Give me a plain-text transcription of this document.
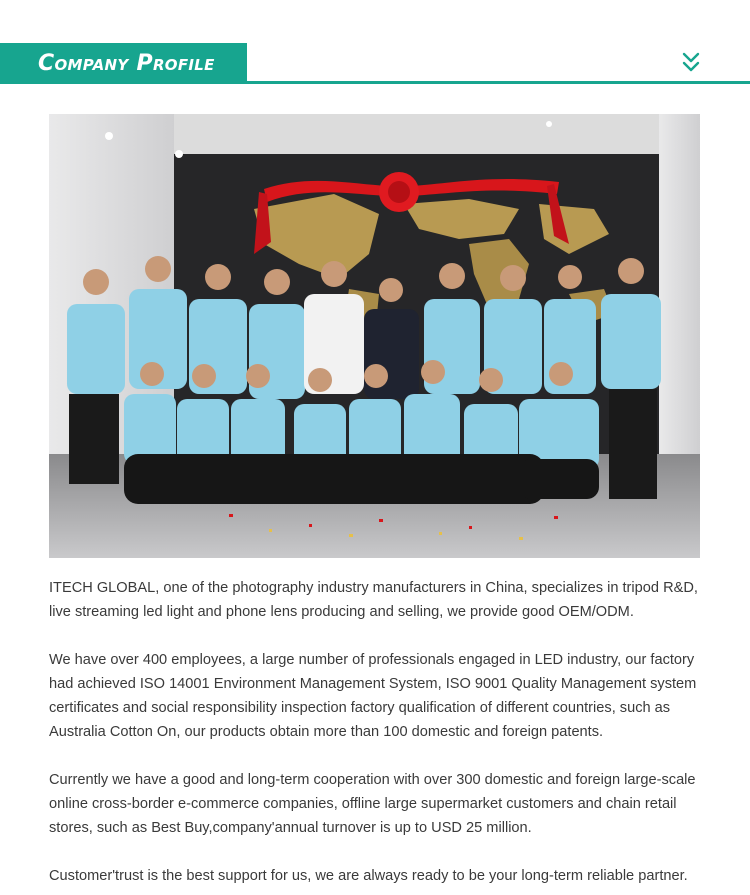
Company Profile

ITECH GLOBAL, one of the photography industry manufacturers in China, specializes in tripod R&D, live streaming led light and phone lens producing and selling, we provide good OEM/ODM.

We have over 400 employees, a large number of professionals engaged in LED industry, our factory had achieved ISO 14001 Environment Management System, ISO 9001 Quality Management system certificates and social responsibility inspection factory qualification of different countries, such as Australia Cotton On, our products obtain more than 100 domestic and foreign patents.

Currently we have a good and long-term cooperation with over 300 domestic and foreign large-scale online cross-border e-commerce companies, offline large supermarket customers and chain retail stores, such as Best Buy,company'annual turnover is up to USD 25 million.

Customer'trust is the best support for us, we are always ready to be your long-term reliable partner.
